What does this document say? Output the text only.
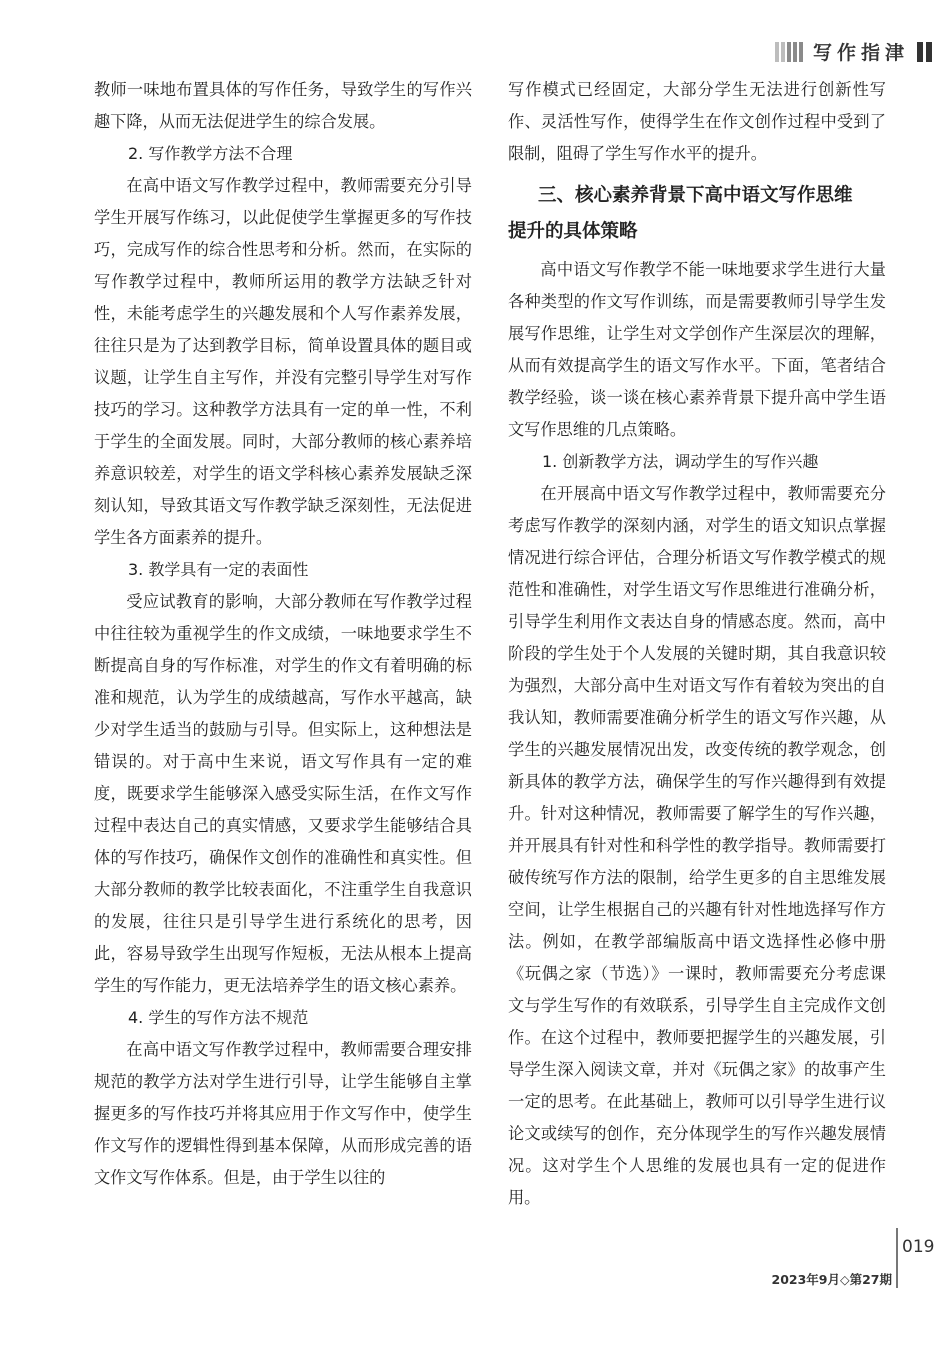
写作指津

教师一味地布置具体的写作任务，导致学生的写作兴趣下降，从而无法促进学生的综合发展。

2. 写作教学方法不合理

在高中语文写作教学过程中，教师需要充分引导学生开展写作练习，以此促使学生掌握更多的写作技巧，完成写作的综合性思考和分析。然而，在实际的写作教学过程中，教师所运用的教学方法缺乏针对性，未能考虑学生的兴趣发展和个人写作素养发展，往往只是为了达到教学目标，简单设置具体的题目或议题，让学生自主写作，并没有完整引导学生对写作技巧的学习。这种教学方法具有一定的单一性，不利于学生的全面发展。同时，大部分教师的核心素养培养意识较差，对学生的语文学科核心素养发展缺乏深刻认知，导致其语文写作教学缺乏深刻性，无法促进学生各方面素养的提升。

3. 教学具有一定的表面性

受应试教育的影响，大部分教师在写作教学过程中往往较为重视学生的作文成绩，一味地要求学生不断提高自身的写作标准，对学生的作文有着明确的标准和规范，认为学生的成绩越高，写作水平越高，缺少对学生适当的鼓励与引导。但实际上，这种想法是错误的。对于高中生来说，语文写作具有一定的难度，既要求学生能够深入感受实际生活，在作文写作过程中表达自己的真实情感，又要求学生能够结合具体的写作技巧，确保作文创作的准确性和真实性。但大部分教师的教学比较表面化，不注重学生自我意识的发展，往往只是引导学生进行系统化的思考，因此，容易导致学生出现写作短板，无法从根本上提高学生的写作能力，更无法培养学生的语文核心素养。

4. 学生的写作方法不规范

在高中语文写作教学过程中，教师需要合理安排规范的教学方法对学生进行引导，让学生能够自主掌握更多的写作技巧并将其应用于作文写作中，使学生作文写作的逻辑性得到基本保障，从而形成完善的语文作文写作体系。但是，由于学生以往的

写作模式已经固定，大部分学生无法进行创新性写作、灵活性写作，使得学生在作文创作过程中受到了限制，阻碍了学生写作水平的提升。

三、核心素养背景下高中语文写作思维
提升的具体策略

高中语文写作教学不能一味地要求学生进行大量各种类型的作文写作训练，而是需要教师引导学生发展写作思维，让学生对文学创作产生深层次的理解，从而有效提高学生的语文写作水平。下面，笔者结合教学经验，谈一谈在核心素养背景下提升高中学生语文写作思维的几点策略。

1. 创新教学方法，调动学生的写作兴趣

在开展高中语文写作教学过程中，教师需要充分考虑写作教学的深刻内涵，对学生的语文知识点掌握情况进行综合评估，合理分析语文写作教学模式的规范性和准确性，对学生语文写作思维进行准确分析，引导学生利用作文表达自身的情感态度。然而，高中阶段的学生处于个人发展的关键时期，其自我意识较为强烈，大部分高中生对语文写作有着较为突出的自我认知，教师需要准确分析学生的语文写作兴趣，从学生的兴趣发展情况出发，改变传统的教学观念，创新具体的教学方法，确保学生的写作兴趣得到有效提升。针对这种情况，教师需要了解学生的写作兴趣，并开展具有针对性和科学性的教学指导。教师需要打破传统写作方法的限制，给学生更多的自主思维发展空间，让学生根据自己的兴趣有针对性地选择写作方法。例如，在教学部编版高中语文选择性必修中册《玩偶之家（节选）》一课时，教师需要充分考虑课文与学生写作的有效联系，引导学生自主完成作文创作。在这个过程中，教师要把握学生的兴趣发展，引导学生深入阅读文章，并对《玩偶之家》的故事产生一定的思考。在此基础上，教师可以引导学生进行议论文或续写的创作，充分体现学生的写作兴趣发展情况。这对学生个人思维的发展也具有一定的促进作用。

019
2023年9月◇第27期
